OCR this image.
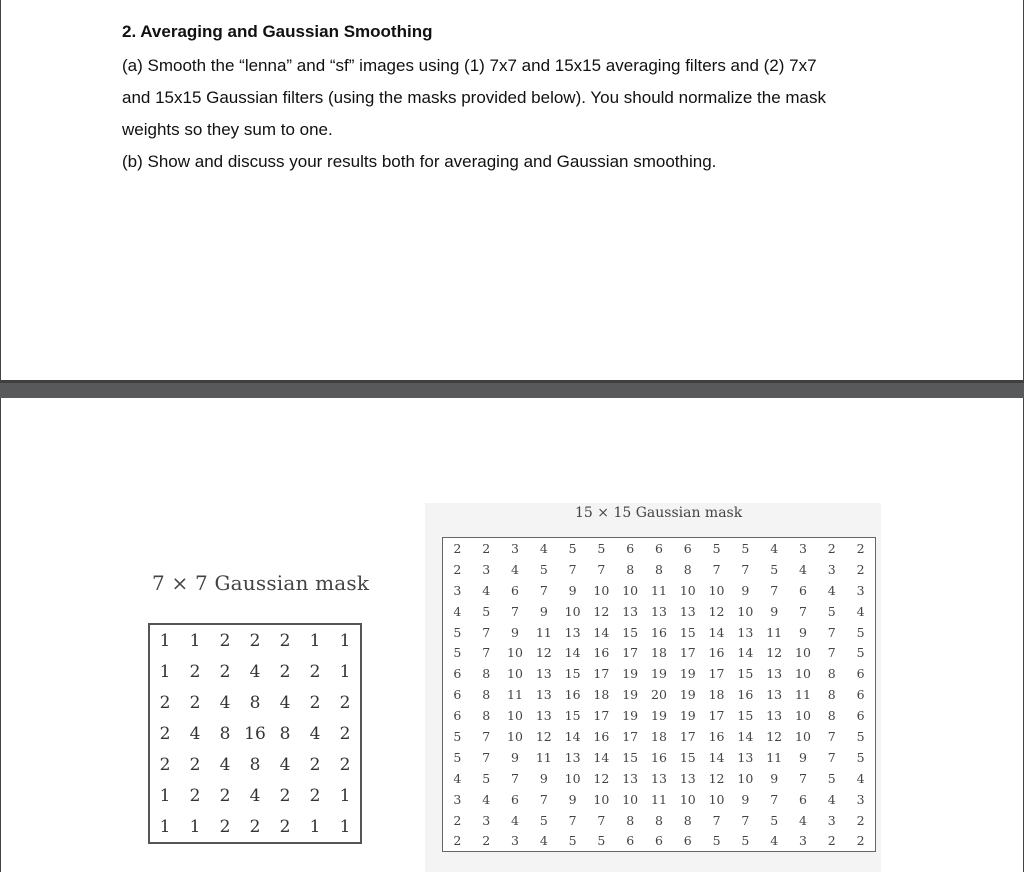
2. Averaging and Gaussian Smoothing
(a) Smooth the “lenna” and “sf” images using (1) 7x7 and 15x15 averaging filters and (2) 7x7
and 15x15 Gaussian filters (using the masks provided below). You should normalize the mask
weights so they sum to one.
(b) Show and discuss your results both for averaging and Gaussian smoothing.
7 × 7 Gaussian mask
1	1	2	2	2	1	1
1	2	2	4	2	2	1
2	2	4	8	4	2	2
2	4	8	16	8	4	2
2	2	4	8	4	2	2
1	2	2	4	2	2	1
1	1	2	2	2	1	1
15 × 15 Gaussian mask
2	2	3	4	5	5	6	6	6	5	5	4	3	2	2
2	3	4	5	7	7	8	8	8	7	7	5	4	3	2
3	4	6	7	9	10	10	11	10	10	9	7	6	4	3
4	5	7	9	10	12	13	13	13	12	10	9	7	5	4
5	7	9	11	13	14	15	16	15	14	13	11	9	7	5
5	7	10	12	14	16	17	18	17	16	14	12	10	7	5
6	8	10	13	15	17	19	19	19	17	15	13	10	8	6
6	8	11	13	16	18	19	20	19	18	16	13	11	8	6
6	8	10	13	15	17	19	19	19	17	15	13	10	8	6
5	7	10	12	14	16	17	18	17	16	14	12	10	7	5
5	7	9	11	13	14	15	16	15	14	13	11	9	7	5
4	5	7	9	10	12	13	13	13	12	10	9	7	5	4
3	4	6	7	9	10	10	11	10	10	9	7	6	4	3
2	3	4	5	7	7	8	8	8	7	7	5	4	3	2
2	2	3	4	5	5	6	6	6	5	5	4	3	2	2
